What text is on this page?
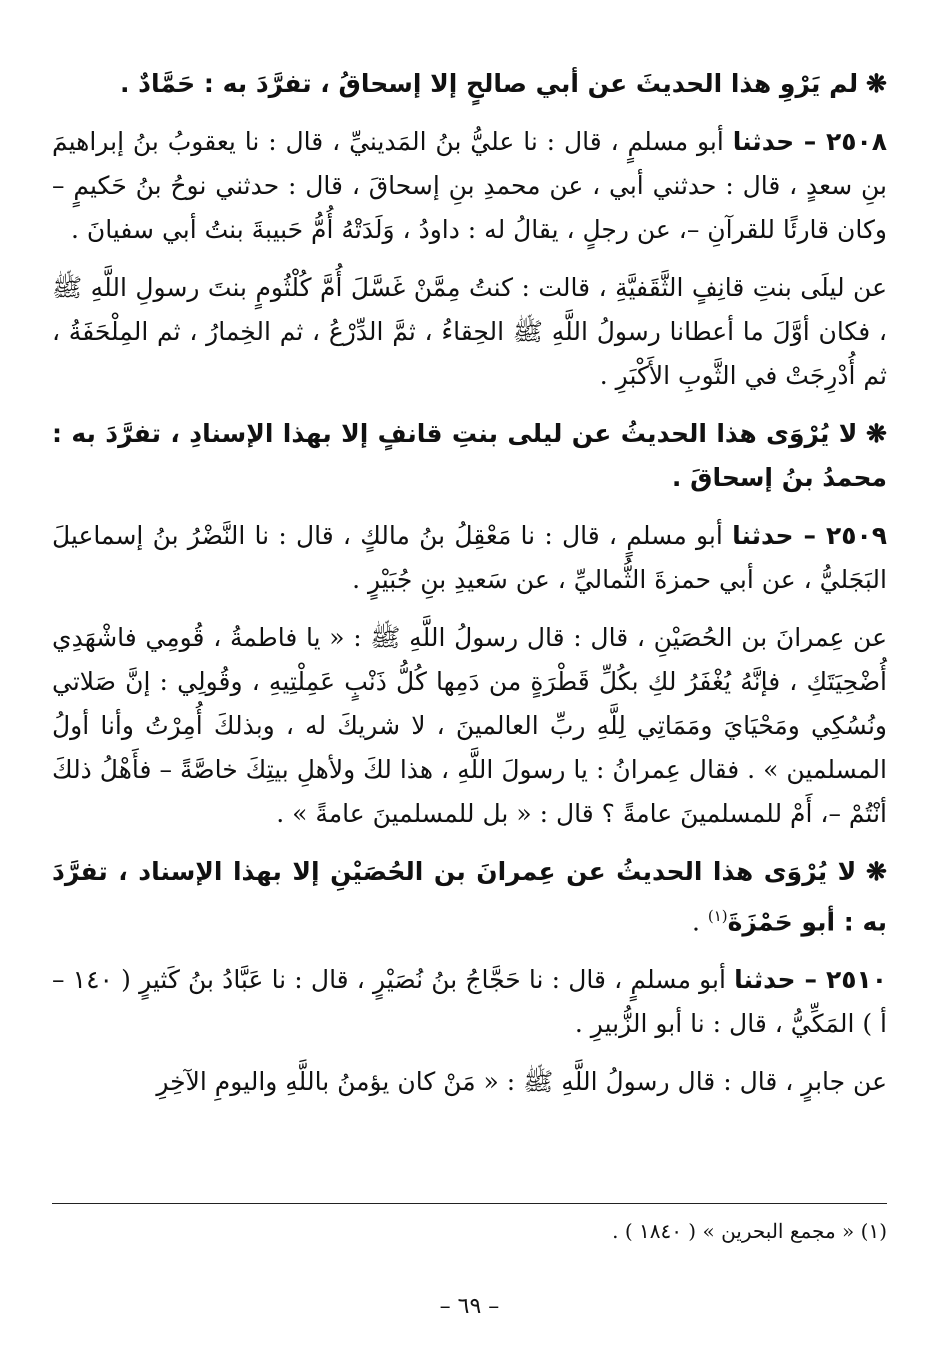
❋ لم يَرْوِ هذا الحديثَ عن أبي صالحٍ إلا إسحاقُ ، تفرَّدَ به : حَمَّادٌ .

٢٥٠٨ – حدثنا أبو مسلمٍ ، قال : نا عليُّ بنُ المَدينيِّ ، قال : نا يعقوبُ بنُ إبراهيمَ بنِ سعدٍ ، قال : حدثني أبي ، عن محمدِ بنِ إسحاقَ ، قال : حدثني نوحُ بنُ حَكيمٍ – وكان قارئًا للقرآنِ –، عن رجلٍ ، يقالُ له : داودُ ، وَلَدَتْهُ أُمُّ حَبيبةَ بنتُ أبي سفيانَ .

عن ليلَى بنتِ قانِفٍ الثَّقَفيَّةِ ، قالت : كنتُ مِمَّنْ غَسَّلَ أُمَّ كُلْثُومٍ بنتَ رسولِ اللَّهِ ﷺ ، فكان أوَّلَ ما أعطانا رسولُ اللَّهِ ﷺ الحِقاءُ ، ثمَّ الدِّرْعُ ، ثم الخِمارُ ، ثم المِلْحَفَةُ ، ثم أُدْرِجَتْ في الثَّوبِ الأَكْبَرِ .

❋ لا يُرْوَى هذا الحديثُ عن ليلى بنتِ قانفٍ إلا بهذا الإسنادِ ، تفرَّدَ به : محمدُ بنُ إسحاقَ .

٢٥٠٩ – حدثنا أبو مسلمٍ ، قال : نا مَعْقِلُ بنُ مالكٍ ، قال : نا النَّضْرُ بنُ إسماعيلَ البَجَليُّ ، عن أبي حمزةَ الثُّماليِّ ، عن سَعيدِ بنِ جُبَيْرٍ .

عن عِمرانَ بن الحُصَيْنِ ، قال : قال رسولُ اللَّهِ ﷺ : « يا فاطمةُ ، قُومِي فاشْهَدِي أُضْحِيَتَكِ ، فإنَّهُ يُغْفَرُ لكِ بكُلِّ قَطْرَةٍ من دَمِها كُلُّ ذَنْبٍ عَمِلْتِيهِ ، وقُولِي : إنَّ صَلاتي ونُسُكِي ومَحْيَايَ ومَمَاتِي لِلَّهِ ربِّ العالمينَ ، لا شريكَ له ، وبذلكَ أُمِرْتُ وأنا أولُ المسلمين » . فقال عِمرانُ : يا رسولَ اللَّهِ ، هذا لكَ ولأهلِ بيتِكَ خاصَّةً – فأَهْلُ ذلكَ أنْتُمْ –، أَمْ للمسلمينَ عامةً ؟ قال : « بل للمسلمينَ عامةً » .

❋ لا يُرْوَى هذا الحديثُ عن عِمرانَ بن الحُصَيْنِ إلا بهذا الإسناد ، تفرَّدَ به : أبو حَمْزَةَ$^{(١)}$ .

٢٥١٠ – حدثنا أبو مسلمٍ ، قال : نا حَجَّاجُ بنُ نُصَيْرٍ ، قال : نا عَبَّادُ بنُ كَثيرٍ ( ١٤٠ – أ ) المَكِّيُّ ، قال : نا أبو الزُّبيرِ .

عن جابرٍ ، قال : قال رسولُ اللَّهِ ﷺ : « مَنْ كان يؤمنُ باللَّهِ واليومِ الآخِرِ

(١) « مجمع البحرين » ( ١٨٤٠ ) .
– ٦٩ –
